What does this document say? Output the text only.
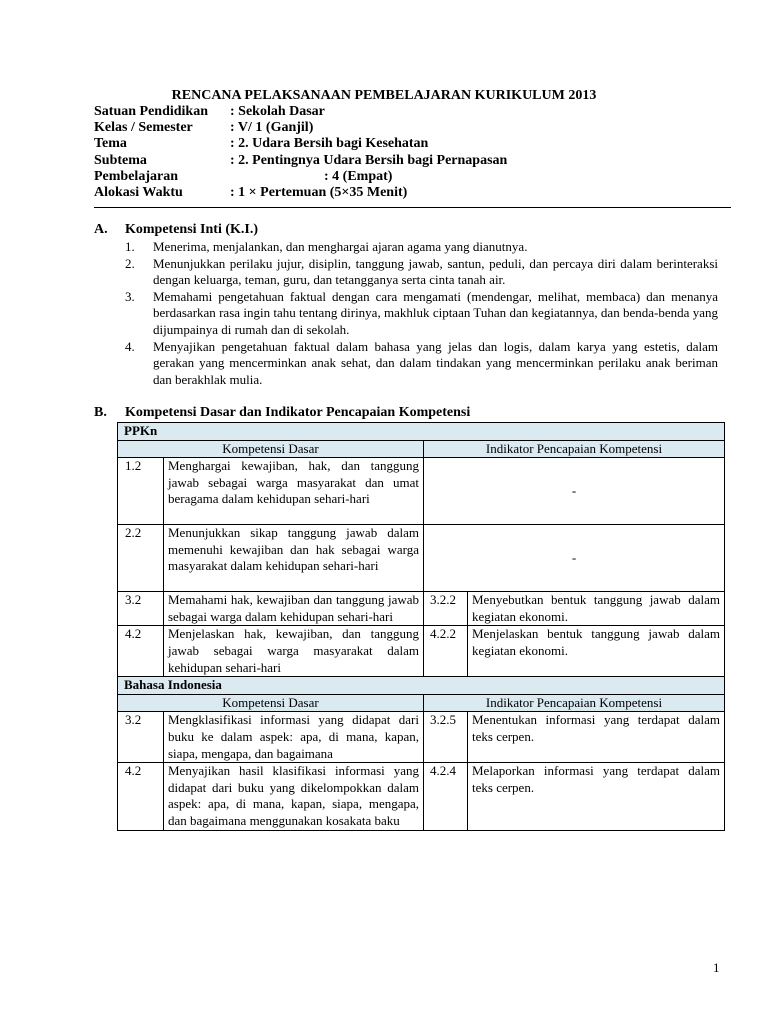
RENCANA PELAKSANAAN PEMBELAJARAN KURIKULUM 2013
Satuan Pendidikan : Sekolah Dasar
Kelas / Semester	: V/ 1 (Ganjil)
Tema	: 2. Udara Bersih bagi Kesehatan
Subtema	: 2. Pentingnya Udara Bersih bagi Pernapasan
Pembelajaran	: 4 (Empat)
Alokasi Waktu	: 1 × Pertemuan (5×35 Menit)
A. Kompetensi Inti (K.I.)
1. Menerima, menjalankan, dan menghargai ajaran agama yang dianutnya.
2. Menunjukkan perilaku jujur, disiplin, tanggung jawab, santun, peduli, dan percaya diri dalam berinteraksi dengan keluarga, teman, guru, dan tetangganya serta cinta tanah air.
3. Memahami pengetahuan faktual dengan cara mengamati (mendengar, melihat, membaca) dan menanya berdasarkan rasa ingin tahu tentang dirinya, makhluk ciptaan Tuhan dan kegiatannya, dan benda-benda yang dijumpainya di rumah dan di sekolah.
4. Menyajikan pengetahuan faktual dalam bahasa yang jelas dan logis, dalam karya yang estetis, dalam gerakan yang mencerminkan anak sehat, dan dalam tindakan yang mencerminkan perilaku anak beriman dan berakhlak mulia.
B. Kompetensi Dasar dan Indikator Pencapaian Kompetensi
PPKn			
Kompetensi Dasar		Indikator Pencapaian Kompetensi	
1.2	Menghargai kewajiban, hak, dan tanggung jawab sebagai warga masyarakat dan umat beragama dalam kehidupan sehari-hari	-	
2.2	Menunjukkan sikap tanggung jawab dalam memenuhi kewajiban dan hak sebagai warga masyarakat dalam kehidupan sehari-hari	-	
3.2	Memahami hak, kewajiban dan tanggung jawab sebagai warga dalam kehidupan sehari-hari	3.2.2	Menyebutkan bentuk tanggung jawab dalam kegiatan ekonomi.
4.2	Menjelaskan hak, kewajiban, dan tanggung jawab sebagai warga masyarakat dalam kehidupan sehari-hari	4.2.2	Menjelaskan bentuk tanggung jawab dalam kegiatan ekonomi.
Bahasa Indonesia			
Kompetensi Dasar		Indikator Pencapaian Kompetensi	
3.2	Mengklasifikasi informasi yang didapat dari buku ke dalam aspek: apa, di mana, kapan, siapa, mengapa, dan bagaimana	3.2.5	Menentukan informasi yang terdapat dalam teks cerpen.
4.2	Menyajikan hasil klasifikasi informasi yang didapat dari buku yang dikelompokkan dalam aspek: apa, di mana, kapan, siapa, mengapa, dan bagaimana menggunakan kosakata baku	4.2.4	Melaporkan informasi yang terdapat dalam teks cerpen.
1
